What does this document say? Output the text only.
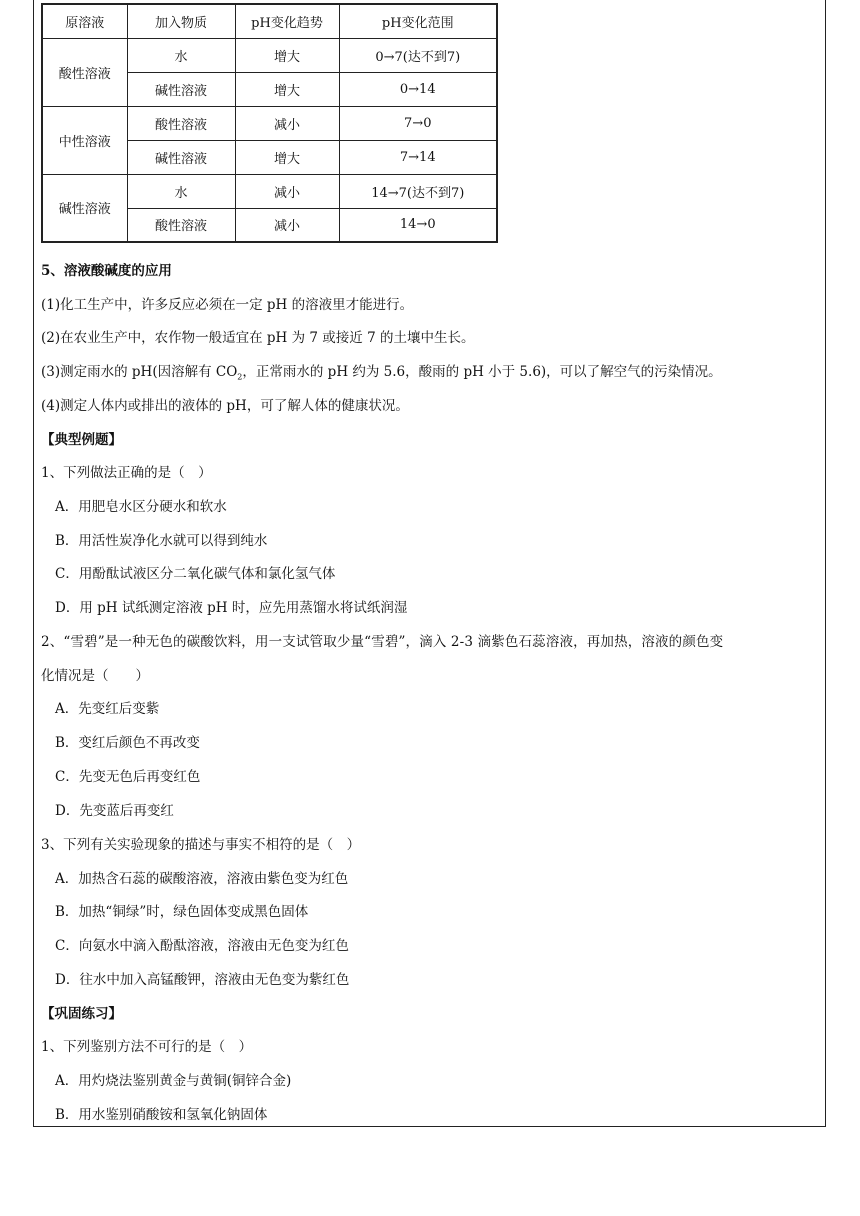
原溶液	加入物质	pH变化趋势	pH变化范围
酸性溶液	水	增大	0→7(达不到7)
	碱性溶液	增大	0→14
中性溶液	酸性溶液	减小	7→0
	碱性溶液	增大	7→14
碱性溶液	水	减小	14→7(达不到7)
	酸性溶液	减小	14→0
5、溶液酸碱度的应用
(1)化工生产中，许多反应必须在一定 pH 的溶液里才能进行。
(2)在农业生产中，农作物一般适宜在 pH 为 7 或接近 7 的土壤中生长。
(3)测定雨水的 pH(因溶解有 $CO_2$，正常雨水的 pH 约为 5.6，酸雨的 pH 小于 5.6)，可以了解空气的污染情况。
(4)测定人体内或排出的液体的 pH，可了解人体的健康状况。
【典型例题】
1、下列做法正确的是（　）
A．用肥皂水区分硬水和软水
B．用活性炭净化水就可以得到纯水
C．用酚酞试液区分二氧化碳气体和氯化氢气体
D．用 pH 试纸测定溶液 pH 时，应先用蒸馏水将试纸润湿
2、“雪碧”是一种无色的碳酸饮料，用一支试管取少量“雪碧”，滴入 2-3 滴紫色石蕊溶液，再加热，溶液的颜色变
化情况是（　　）
A．先变红后变紫
B．变红后颜色不再改变
C．先变无色后再变红色
D．先变蓝后再变红
3、下列有关实验现象的描述与事实不相符的是（　）
A．加热含石蕊的碳酸溶液，溶液由紫色变为红色
B．加热“铜绿”时，绿色固体变成黑色固体
C．向氨水中滴入酚酞溶液，溶液由无色变为红色
D．往水中加入高锰酸钾，溶液由无色变为紫红色
【巩固练习】
1、下列鉴别方法不可行的是（　）
A．用灼烧法鉴别黄金与黄铜(铜锌合金)
B．用水鉴别硝酸铵和氢氧化钠固体
